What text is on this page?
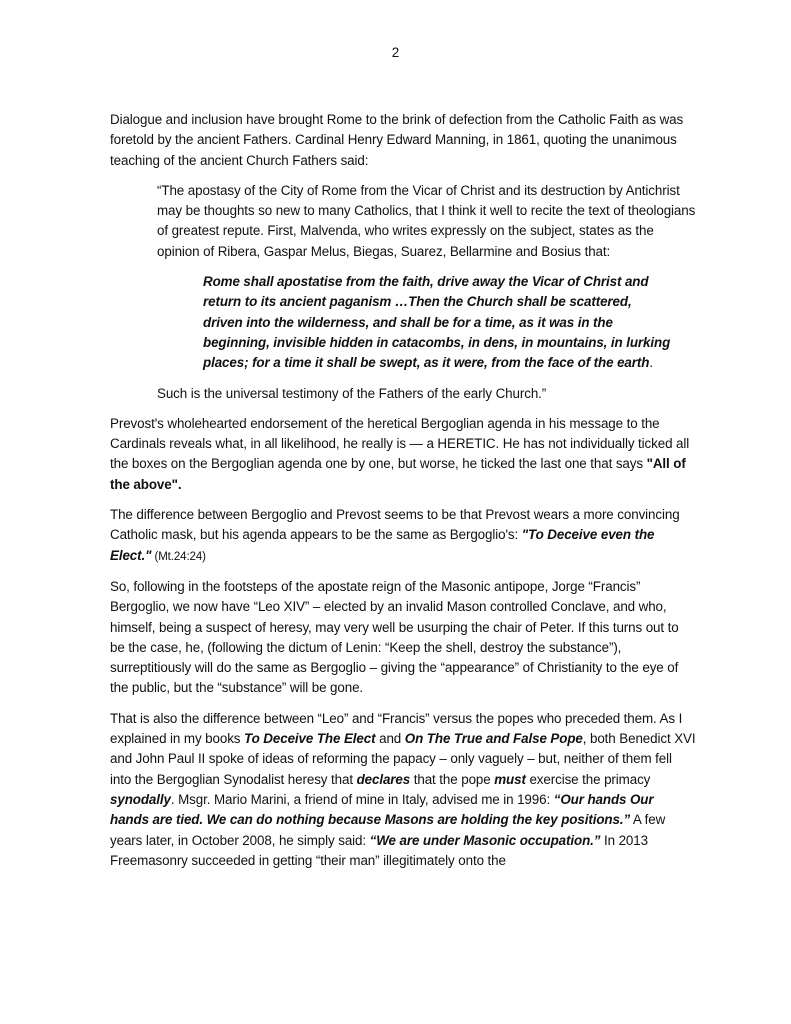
2

Dialogue and inclusion have brought Rome to the brink of defection from the Catholic Faith as was foretold by the ancient Fathers. Cardinal Henry Edward Manning, in 1861, quoting the unanimous teaching of the ancient Church Fathers said:

“The apostasy of the City of Rome from the Vicar of Christ and its destruction by Antichrist may be thoughts so new to many Catholics, that I think it well to recite the text of theologians of greatest repute. First, Malvenda, who writes expressly on the subject, states as the opinion of Ribera, Gaspar Melus, Biegas, Suarez, Bellarmine and Bosius that:

Rome shall apostatise from the faith, drive away the Vicar of Christ and return to its ancient paganism …Then the Church shall be scattered, driven into the wilderness, and shall be for a time, as it was in the beginning, invisible hidden in catacombs, in dens, in mountains, in lurking places; for a time it shall be swept, as it were, from the face of the earth.

Such is the universal testimony of the Fathers of the early Church.”

Prevost's wholehearted endorsement of the heretical Bergoglian agenda in his message to the Cardinals reveals what, in all likelihood, he really is — a HERETIC. He has not individually ticked all the boxes on the Bergoglian agenda one by one, but worse, he ticked the last one that says "All of the above".

The difference between Bergoglio and Prevost seems to be that Prevost wears a more convincing Catholic mask, but his agenda appears to be the same as Bergoglio's: "To Deceive even the Elect." (Mt.24:24)

So, following in the footsteps of the apostate reign of the Masonic antipope, Jorge “Francis” Bergoglio, we now have “Leo XIV” – elected by an invalid Mason controlled Conclave, and who, himself, being a suspect of heresy, may very well be usurping the chair of Peter. If this turns out to be the case, he, (following the dictum of Lenin: “Keep the shell, destroy the substance”), surreptitiously will do the same as Bergoglio – giving the “appearance” of Christianity to the eye of the public, but the “substance” will be gone.

That is also the difference between “Leo” and “Francis” versus the popes who preceded them. As I explained in my books To Deceive The Elect and On The True and False Pope, both Benedict XVI and John Paul II spoke of ideas of reforming the papacy – only vaguely – but, neither of them fell into the Bergoglian Synodalist heresy that declares that the pope must exercise the primacy synodally. Msgr. Mario Marini, a friend of mine in Italy, advised me in 1996: “Our hands Our hands are tied. We can do nothing because Masons are holding the key positions.” A few years later, in October 2008, he simply said: “We are under Masonic occupation.” In 2013 Freemasonry succeeded in getting “their man” illegitimately onto the
